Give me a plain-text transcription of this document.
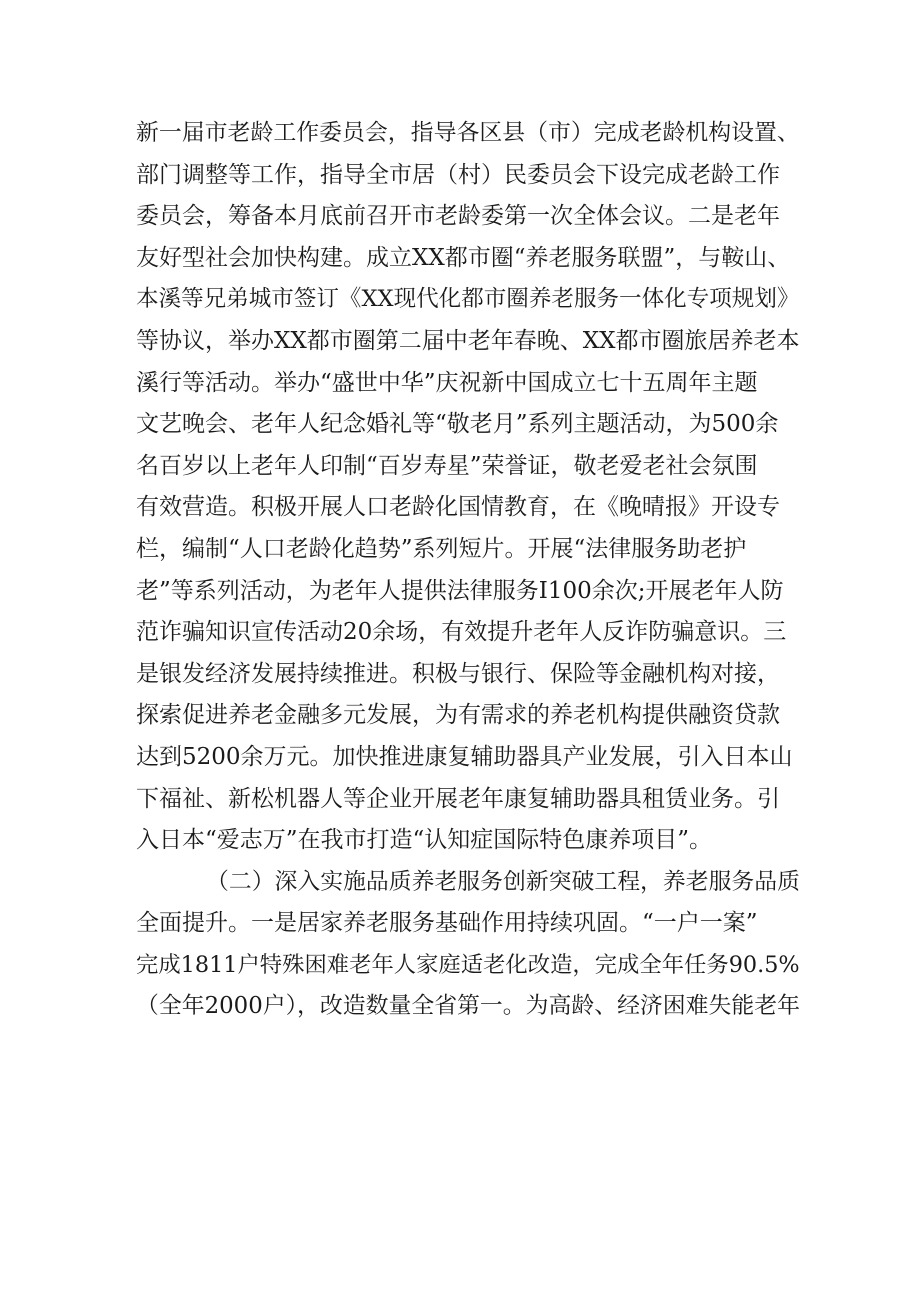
新一届市老龄工作委员会，指导各区县（市）完成老龄机构设置、
部门调整等工作，指导全市居（村）民委员会下设完成老龄工作
委员会，筹备本月底前召开市老龄委第一次全体会议。二是老年
友好型社会加快构建。成立XX都市圈“养老服务联盟”，与鞍山、
本溪等兄弟城市签订《XX现代化都市圈养老服务一体化专项规划》
等协议，举办XX都市圈第二届中老年春晚、XX都市圈旅居养老本
溪行等活动。举办“盛世中华”庆祝新中国成立七十五周年主题
文艺晚会、老年人纪念婚礼等“敬老月”系列主题活动，为500余
名百岁以上老年人印制“百岁寿星”荣誉证，敬老爱老社会氛围
有效营造。积极开展人口老龄化国情教育，在《晚晴报》开设专
栏，编制“人口老龄化趋势”系列短片。开展“法律服务助老护
老”等系列活动，为老年人提供法律服务I100余次;开展老年人防
范诈骗知识宣传活动20余场，有效提升老年人反诈防骗意识。三
是银发经济发展持续推进。积极与银行、保险等金融机构对接，
探索促进养老金融多元发展，为有需求的养老机构提供融资贷款
达到5200余万元。加快推进康复辅助器具产业发展，引入日本山
下福祉、新松机器人等企业开展老年康复辅助器具租赁业务。引
入日本“爱志万”在我市打造“认知症国际特色康养项目”。
（二）深入实施品质养老服务创新突破工程，养老服务品质
全面提升。一是居家养老服务基础作用持续巩固。“一户一案”
完成1811户特殊困难老年人家庭适老化改造，完成全年任务90.5%
（全年2000户），改造数量全省第一。为高龄、经济困难失能老年
